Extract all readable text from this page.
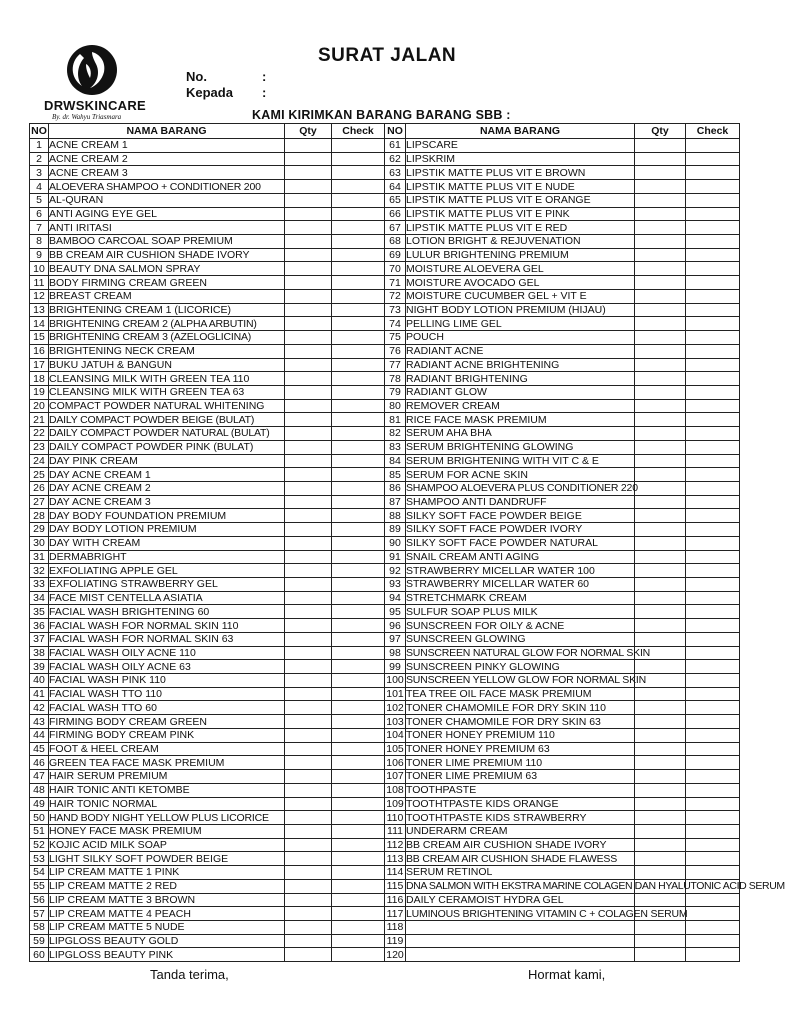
DRWSKINCARE
By. dr. Wahyu Triasmara
SURAT JALAN
No.	:
Kepada :
KAMI KIRIMKAN BARANG BARANG SBB :
NO	NAMA BARANG	Qty	Check	NO	NAMA BARANG	Qty	Check
1	ACNE CREAM 1			61	LIPSCARE		
2	ACNE CREAM 2			62	LIPSKRIM		
3	ACNE CREAM 3			63	LIPSTIK MATTE PLUS VIT E BROWN		
4	ALOEVERA SHAMPOO + CONDITIONER 200			64	LIPSTIK MATTE PLUS VIT E NUDE		
5	AL-QURAN			65	LIPSTIK MATTE PLUS VIT E ORANGE		
6	ANTI AGING EYE GEL			66	LIPSTIK MATTE PLUS VIT E PINK		
7	ANTI IRITASI			67	LIPSTIK MATTE PLUS VIT E RED		
8	BAMBOO CARCOAL SOAP PREMIUM			68	LOTION BRIGHT & REJUVENATION		
9	BB CREAM AIR CUSHION SHADE IVORY			69	LULUR BRIGHTENING PREMIUM		
10	BEAUTY DNA SALMON SPRAY			70	MOISTURE ALOEVERA GEL		
11	BODY FIRMING CREAM GREEN			71	MOISTURE AVOCADO GEL		
12	BREAST CREAM			72	MOISTURE CUCUMBER GEL + VIT E		
13	BRIGHTENING CREAM 1 (LICORICE)			73	NIGHT BODY LOTION PREMIUM (HIJAU)		
14	BRIGHTENING CREAM 2 (ALPHA ARBUTIN)			74	PELLING LIME GEL		
15	BRIGHTENING CREAM 3 (AZELOGLICINA)			75	POUCH		
16	BRIGHTENING NECK CREAM			76	RADIANT ACNE		
17	BUKU JATUH & BANGUN			77	RADIANT ACNE BRIGHTENING		
18	CLEANSING MILK WITH GREEN TEA 110			78	RADIANT BRIGHTENING		
19	CLEANSING MILK WITH GREEN TEA 63			79	RADIANT GLOW		
20	COMPACT POWDER NATURAL WHITENING			80	REMOVER CREAM		
21	DAILY COMPACT POWDER BEIGE (BULAT)			81	RICE FACE MASK PREMIUM		
22	DAILY COMPACT POWDER NATURAL (BULAT)			82	SERUM AHA BHA		
23	DAILY COMPACT POWDER PINK (BULAT)			83	SERUM BRIGHTENING GLOWING		
24	DAY PINK CREAM			84	SERUM BRIGHTENING WITH VIT C & E		
25	DAY ACNE CREAM 1			85	SERUM FOR ACNE SKIN		
26	DAY ACNE CREAM 2			86	SHAMPOO ALOEVERA PLUS CONDITIONER 220		
27	DAY ACNE CREAM 3			87	SHAMPOO ANTI DANDRUFF		
28	DAY BODY FOUNDATION PREMIUM			88	SILKY SOFT FACE POWDER BEIGE		
29	DAY BODY LOTION PREMIUM			89	SILKY SOFT FACE POWDER IVORY		
30	DAY WITH CREAM			90	SILKY SOFT FACE POWDER NATURAL		
31	DERMABRIGHT			91	SNAIL CREAM ANTI AGING		
32	EXFOLIATING APPLE GEL			92	STRAWBERRY MICELLAR WATER 100		
33	EXFOLIATING STRAWBERRY GEL			93	STRAWBERRY MICELLAR WATER 60		
34	FACE MIST CENTELLA ASIATIA			94	STRETCHMARK CREAM		
35	FACIAL WASH BRIGHTENING 60			95	SULFUR SOAP PLUS MILK		
36	FACIAL WASH FOR NORMAL SKIN 110			96	SUNSCREEN FOR OILY & ACNE		
37	FACIAL WASH FOR NORMAL SKIN 63			97	SUNSCREEN GLOWING		
38	FACIAL WASH OILY ACNE 110			98	SUNSCREEN NATURAL GLOW FOR NORMAL SKIN		
39	FACIAL WASH OILY ACNE 63			99	SUNSCREEN PINKY GLOWING		
40	FACIAL WASH PINK 110			100	SUNSCREEN YELLOW GLOW FOR NORMAL SKIN		
41	FACIAL WASH TTO 110			101	TEA TREE OIL FACE MASK PREMIUM		
42	FACIAL WASH TTO 60			102	TONER CHAMOMILE FOR DRY SKIN 110		
43	FIRMING BODY CREAM GREEN			103	TONER CHAMOMILE FOR DRY SKIN 63		
44	FIRMING BODY CREAM PINK			104	TONER HONEY PREMIUM 110		
45	FOOT & HEEL CREAM			105	TONER HONEY PREMIUM 63		
46	GREEN TEA FACE MASK PREMIUM			106	TONER LIME PREMIUM 110		
47	HAIR SERUM PREMIUM			107	TONER LIME PREMIUM 63		
48	HAIR TONIC ANTI KETOMBE			108	TOOTHPASTE		
49	HAIR TONIC NORMAL			109	TOOTHTPASTE KIDS ORANGE		
50	HAND BODY NIGHT YELLOW PLUS LICORICE			110	TOOTHTPASTE KIDS STRAWBERRY		
51	HONEY FACE MASK PREMIUM			111	UNDERARM CREAM		
52	KOJIC ACID MILK SOAP			112	BB CREAM AIR CUSHION SHADE IVORY		
53	LIGHT SILKY SOFT POWDER BEIGE			113	BB CREAM AIR CUSHION SHADE FLAWESS		
54	LIP CREAM MATTE 1 PINK			114	SERUM RETINOL		
55	LIP CREAM MATTE 2 RED			115	DNA SALMON WITH EKSTRA MARINE COLAGEN DAN HYALUTONIC ACID SERUM		
56	LIP CREAM MATTE 3 BROWN			116	DAILY CERAMOIST HYDRA GEL		
57	LIP CREAM MATTE 4 PEACH			117	LUMINOUS BRIGHTENING VITAMIN C + COLAGEN SERUM		
58	LIP CREAM MATTE 5 NUDE			118			
59	LIPGLOSS BEAUTY GOLD			119			
60	LIPGLOSS BEAUTY PINK			120			
Tanda terima,	Hormat kami,
